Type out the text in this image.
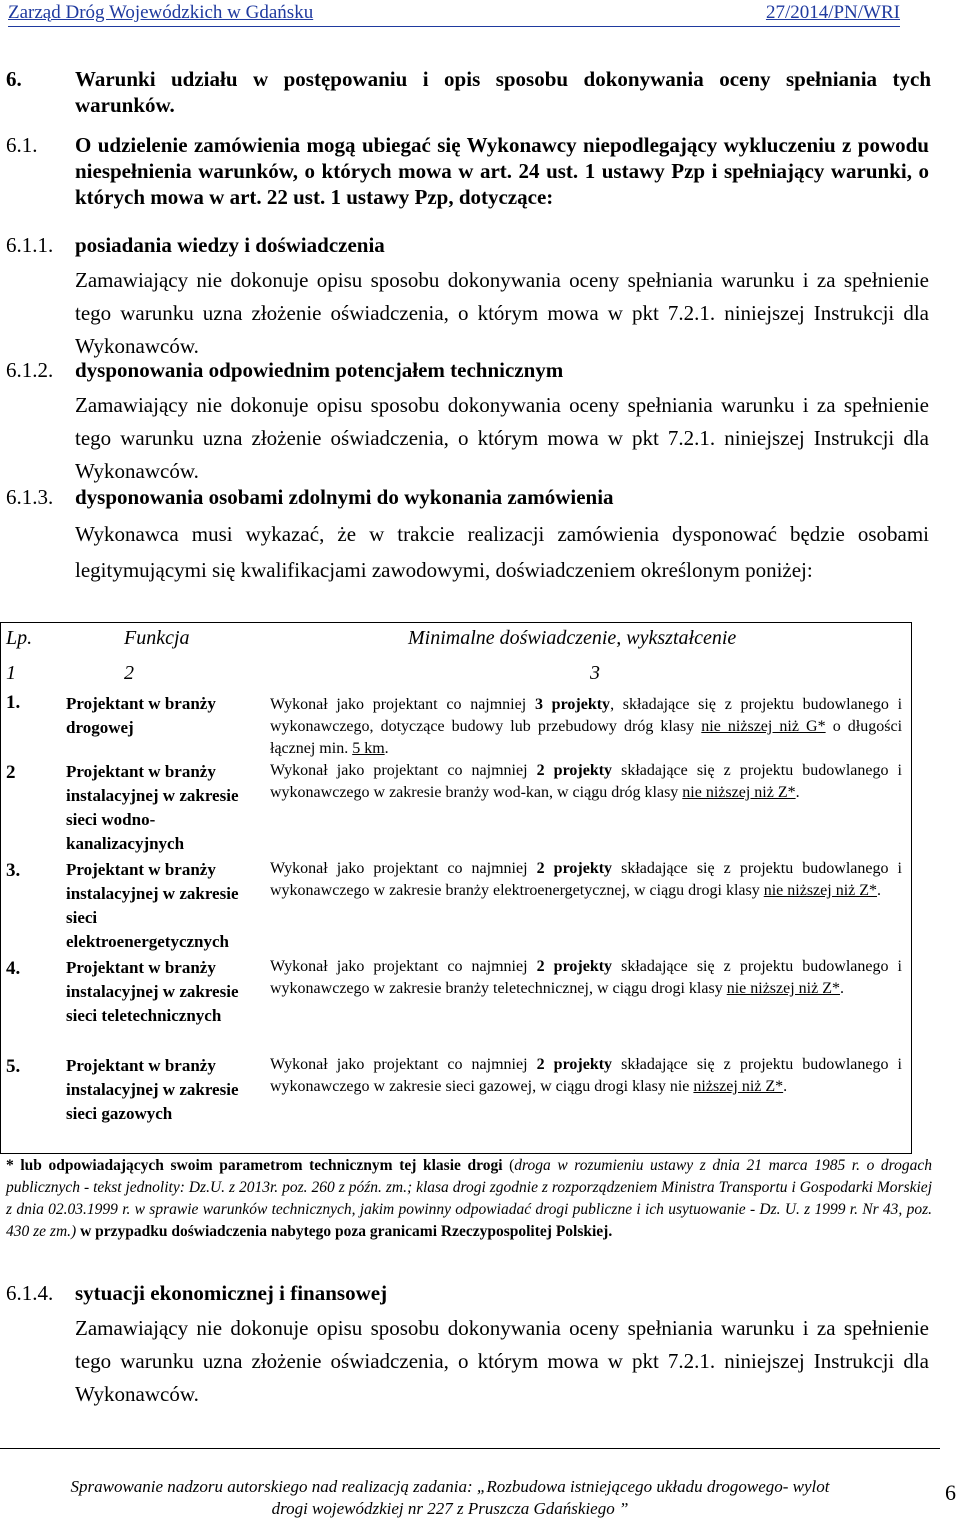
Zarząd Dróg Wojewódzkich w Gdańsku	27/2014/PN/WRI
6.	Warunki udziału w postępowaniu i opis sposobu dokonywania oceny spełniania tych warunków.
6.1. O udzielenie zamówienia mogą ubiegać się Wykonawcy niepodlegający wykluczeniu z powodu niespełnienia warunków, o których mowa w art. 24 ust. 1 ustawy Pzp i spełniający warunki, o których mowa w art. 22 ust. 1 ustawy Pzp, dotyczące:
6.1.1. posiadania wiedzy i doświadczenia
Zamawiający nie dokonuje opisu sposobu dokonywania oceny spełniania warunku i za spełnienie tego warunku uzna złożenie oświadczenia, o którym mowa w pkt 7.2.1. niniejszej Instrukcji dla Wykonawców.
6.1.2. dysponowania odpowiednim potencjałem technicznym
Zamawiający nie dokonuje opisu sposobu dokonywania oceny spełniania warunku i za spełnienie tego warunku uzna złożenie oświadczenia, o którym mowa w pkt 7.2.1. niniejszej Instrukcji dla Wykonawców.
6.1.3. dysponowania osobami zdolnymi do wykonania zamówienia
Wykonawca musi wykazać, że w trakcie realizacji zamówienia dysponować będzie osobami legitymującymi się kwalifikacjami zawodowymi, doświadczeniem określonym poniżej:
Lp.	Funkcja	Minimalne doświadczenie, wykształcenie
1	2	3
1.	Projektant w branży
drogowej
Wykonał jako projektant co najmniej 3 projekty, składające się z projektu budowlanego i wykonawczego, dotyczące budowy lub przebudowy dróg klasy nie niższej niż G* o długości łącznej min. 5 km.
2	Projektant w branży
instalacyjnej w zakresie sieci wodno-kanalizacyjnych
Wykonał jako projektant co najmniej 2 projekty składające się z projektu budowlanego i wykonawczego w zakresie branży wod-kan, w ciągu dróg klasy nie niższej niż Z*.
3.	Projektant w branży
instalacyjnej w zakresie sieci elektroenergetycznych
Wykonał jako projektant co najmniej 2 projekty składające się z projektu budowlanego i wykonawczego w zakresie branży elektroenergetycznej, w ciągu drogi klasy nie niższej niż Z*.
4.	Projektant w branży
instalacyjnej w zakresie sieci teletechnicznych
Wykonał jako projektant co najmniej 2 projekty składające się z projektu budowlanego i wykonawczego w zakresie branży teletechnicznej, w ciągu drogi klasy nie niższej niż Z*.
5.	Projektant w branży
instalacyjnej w zakresie sieci gazowych
Wykonał jako projektant co najmniej 2 projekty składające się z projektu budowlanego i wykonawczego w zakresie sieci gazowej, w ciągu drogi klasy nie niższej niż Z*.
* lub odpowiadających swoim parametrom technicznym tej klasie drogi (droga w rozumieniu ustawy z dnia 21 marca 1985 r. o drogach publicznych - tekst jednolity: Dz.U. z 2013r. poz. 260 z późn. zm.; klasa drogi zgodnie z rozporządzeniem Ministra Transportu i Gospodarki Morskiej z dnia 02.03.1999 r. w sprawie warunków technicznych, jakim powinny odpowiadać drogi publiczne i ich usytuowanie - Dz. U. z 1999 r. Nr 43, poz. 430 ze zm.) w przypadku doświadczenia nabytego poza granicami Rzeczypospolitej Polskiej.
6.1.4. sytuacji ekonomicznej i finansowej
Zamawiający nie dokonuje opisu sposobu dokonywania oceny spełniania warunku i za spełnienie tego warunku uzna złożenie oświadczenia, o którym mowa w pkt 7.2.1. niniejszej Instrukcji dla Wykonawców.
Sprawowanie nadzoru autorskiego nad realizacją zadania: „Rozbudowa istniejącego układu drogowego- wylot
drogi wojewódzkiej nr 227 z Pruszcza Gdańskiego ”
6
